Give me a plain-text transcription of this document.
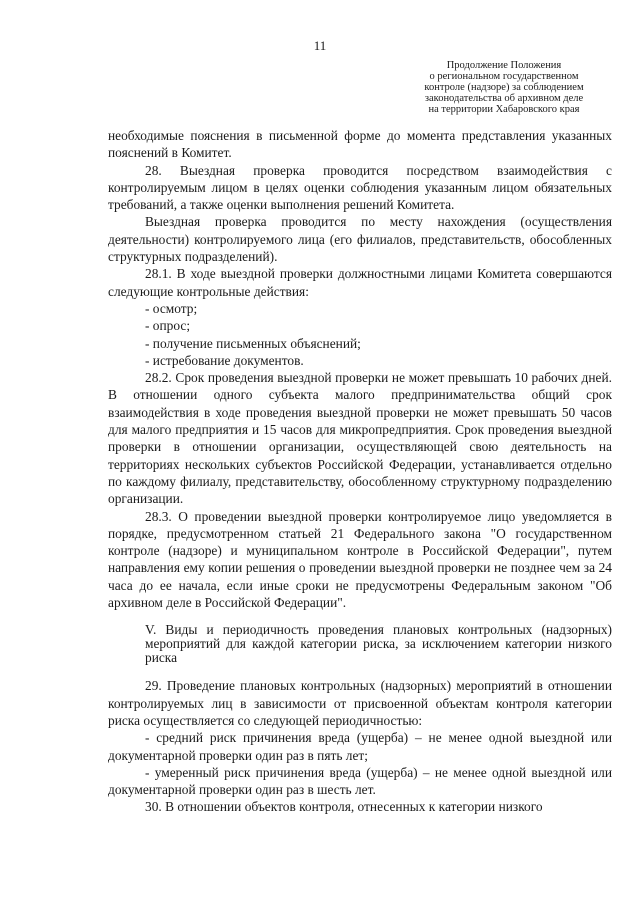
11
Продолжение Положения
о региональном государственном
контроле (надзоре) за соблюдением
законодательства об архивном деле
на территории Хабаровского края

необходимые пояснения в письменной форме до момента представления указанных пояснений в Комитет.

28. Выездная проверка проводится посредством взаимодействия с контролируемым лицом в целях оценки соблюдения указанным лицом обязательных требований, а также оценки выполнения решений Комитета.

Выездная проверка проводится по месту нахождения (осуществления деятельности) контролируемого лица (его филиалов, представительств, обособленных структурных подразделений).

28.1. В ходе выездной проверки должностными лицами Комитета совершаются следующие контрольные действия:

- осмотр;

- опрос;

- получение письменных объяснений;

- истребование документов.

28.2. Срок проведения выездной проверки не может превышать 10 рабочих дней. В отношении одного субъекта малого предпринимательства общий срок взаимодействия в ходе проведения выездной проверки не может превышать 50 часов для малого предприятия и 15 часов для микропредприятия. Срок проведения выездной проверки в отношении организации, осуществляющей свою деятельность на территориях нескольких субъектов Российской Федерации, устанавливается отдельно по каждому филиалу, представительству, обособленному структурному подразделению организации.

28.3. О проведении выездной проверки контролируемое лицо уведомляется в порядке, предусмотренном статьей 21 Федерального закона "О государственном контроле (надзоре) и муниципальном контроле в Российской Федерации", путем направления ему копии решения о проведении выездной проверки не позднее чем за 24 часа до ее начала, если иные сроки не предусмотрены Федеральным законом "Об архивном деле в Российской Федерации".

V. Виды и периодичность проведения плановых контрольных (надзорных) мероприятий для каждой категории риска, за исключением категории низкого риска

29. Проведение плановых контрольных (надзорных) мероприятий в отношении контролируемых лиц в зависимости от присвоенной объектам контроля категории риска осуществляется со следующей периодичностью:

- средний риск причинения вреда (ущерба) – не менее одной выездной или документарной проверки один раз в пять лет;

- умеренный риск причинения вреда (ущерба) – не менее одной выездной или документарной проверки один раз в шесть лет.

30. В отношении объектов контроля, отнесенных к категории низкого
